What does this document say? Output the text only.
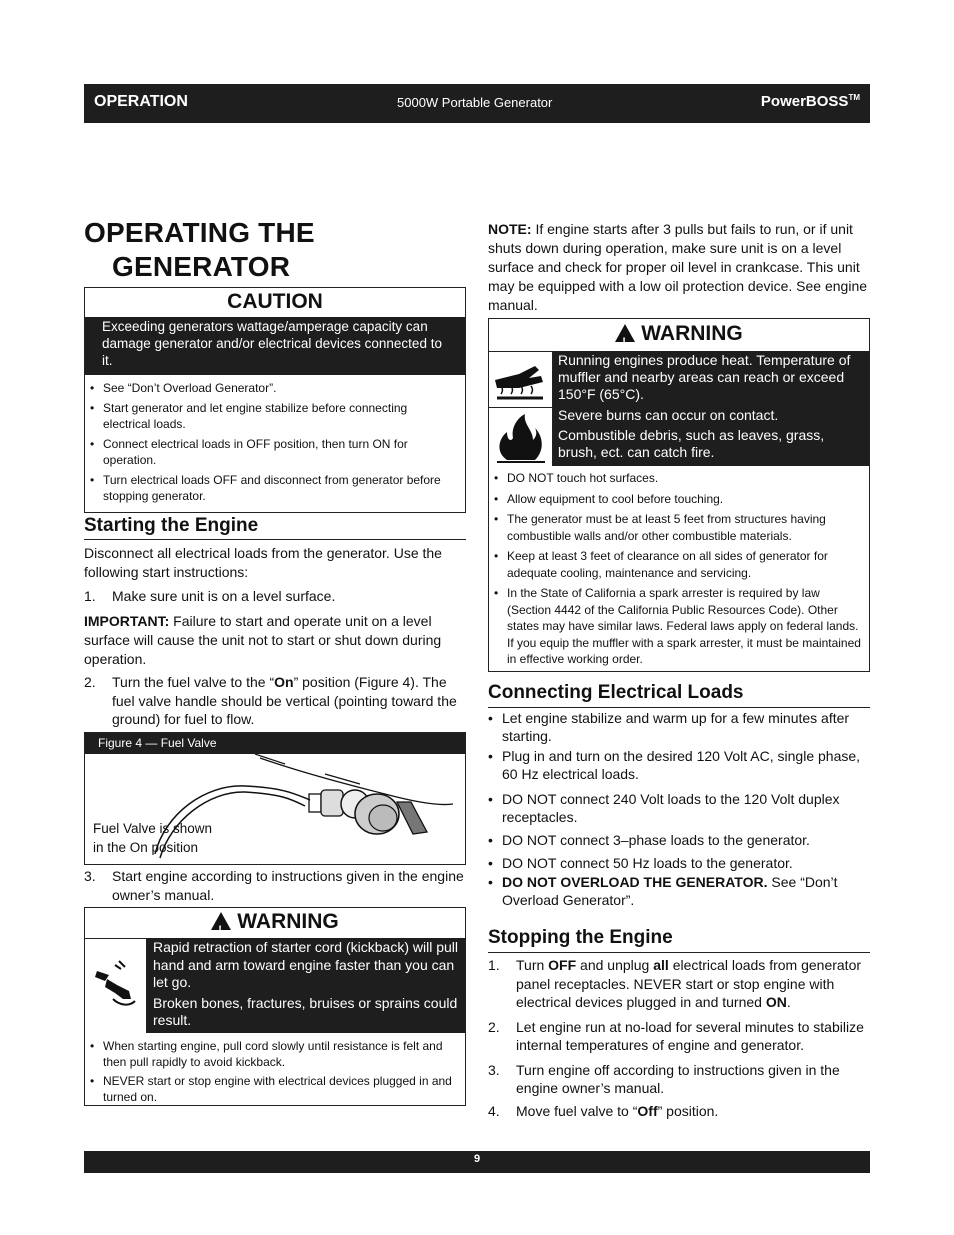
OPERATION	5000W Portable Generator	PowerBOSS™
OPERATING THE
GENERATOR
CAUTION
Exceeding generators wattage/amperage capacity can damage generator and/or electrical devices connected to it.
• See “Don’t Overload Generator”.
• Start generator and let engine stabilize before connecting electrical loads.
• Connect electrical loads in OFF position, then turn ON for operation.
• Turn electrical loads OFF and disconnect from generator before stopping generator.
Starting the Engine
Disconnect all electrical loads from the generator. Use the following start instructions:
1. Make sure unit is on a level surface.
IMPORTANT: Failure to start and operate unit on a level surface will cause the unit not to start or shut down during operation.
2. Turn the fuel valve to the “On” position (Figure 4). The fuel valve handle should be vertical (pointing toward the ground) for fuel to flow.
Figure 4 — Fuel Valve
Fuel Valve is shown
in the On position
3. Start engine according to instructions given in the engine owner’s manual.
! WARNING
Rapid retraction of starter cord (kickback) will pull hand and arm toward engine faster than you can let go.
Broken bones, fractures, bruises or sprains could result.
• When starting engine, pull cord slowly until resistance is felt and then pull rapidly to avoid kickback.
• NEVER start or stop engine with electrical devices plugged in and turned on.
NOTE: If engine starts after 3 pulls but fails to run, or if unit shuts down during operation, make sure unit is on a level surface and check for proper oil level in crankcase. This unit may be equipped with a low oil protection device. See engine manual.
! WARNING
Running engines produce heat. Temperature of muffler and nearby areas can reach or exceed 150°F (65°C).
Severe burns can occur on contact.
Combustible debris, such as leaves, grass, brush, ect. can catch fire.
• DO NOT touch hot surfaces.
• Allow equipment to cool before touching.
• The generator must be at least 5 feet from structures having combustible walls and/or other combustible materials.
• Keep at least 3 feet of clearance on all sides of generator for adequate cooling, maintenance and servicing.
• In the State of California a spark arrester is required by law (Section 4442 of the California Public Resources Code). Other states may have similar laws. Federal laws apply on federal lands. If you equip the muffler with a spark arrester, it must be maintained in effective working order.
Connecting Electrical Loads
• Let engine stabilize and warm up for a few minutes after starting.
• Plug in and turn on the desired 120 Volt AC, single phase, 60 Hz electrical loads.
• DO NOT connect 240 Volt loads to the 120 Volt duplex receptacles.
• DO NOT connect 3–phase loads to the generator.
• DO NOT connect 50 Hz loads to the generator.
• DO NOT OVERLOAD THE GENERATOR. See “Don’t Overload Generator”.
Stopping the Engine
1. Turn OFF and unplug all electrical loads from generator panel receptacles. NEVER start or stop engine with electrical devices plugged in and turned ON.
2. Let engine run at no-load for several minutes to stabilize internal temperatures of engine and generator.
3. Turn engine off according to instructions given in the engine owner’s manual.
4. Move fuel valve to “Off” position.
9
